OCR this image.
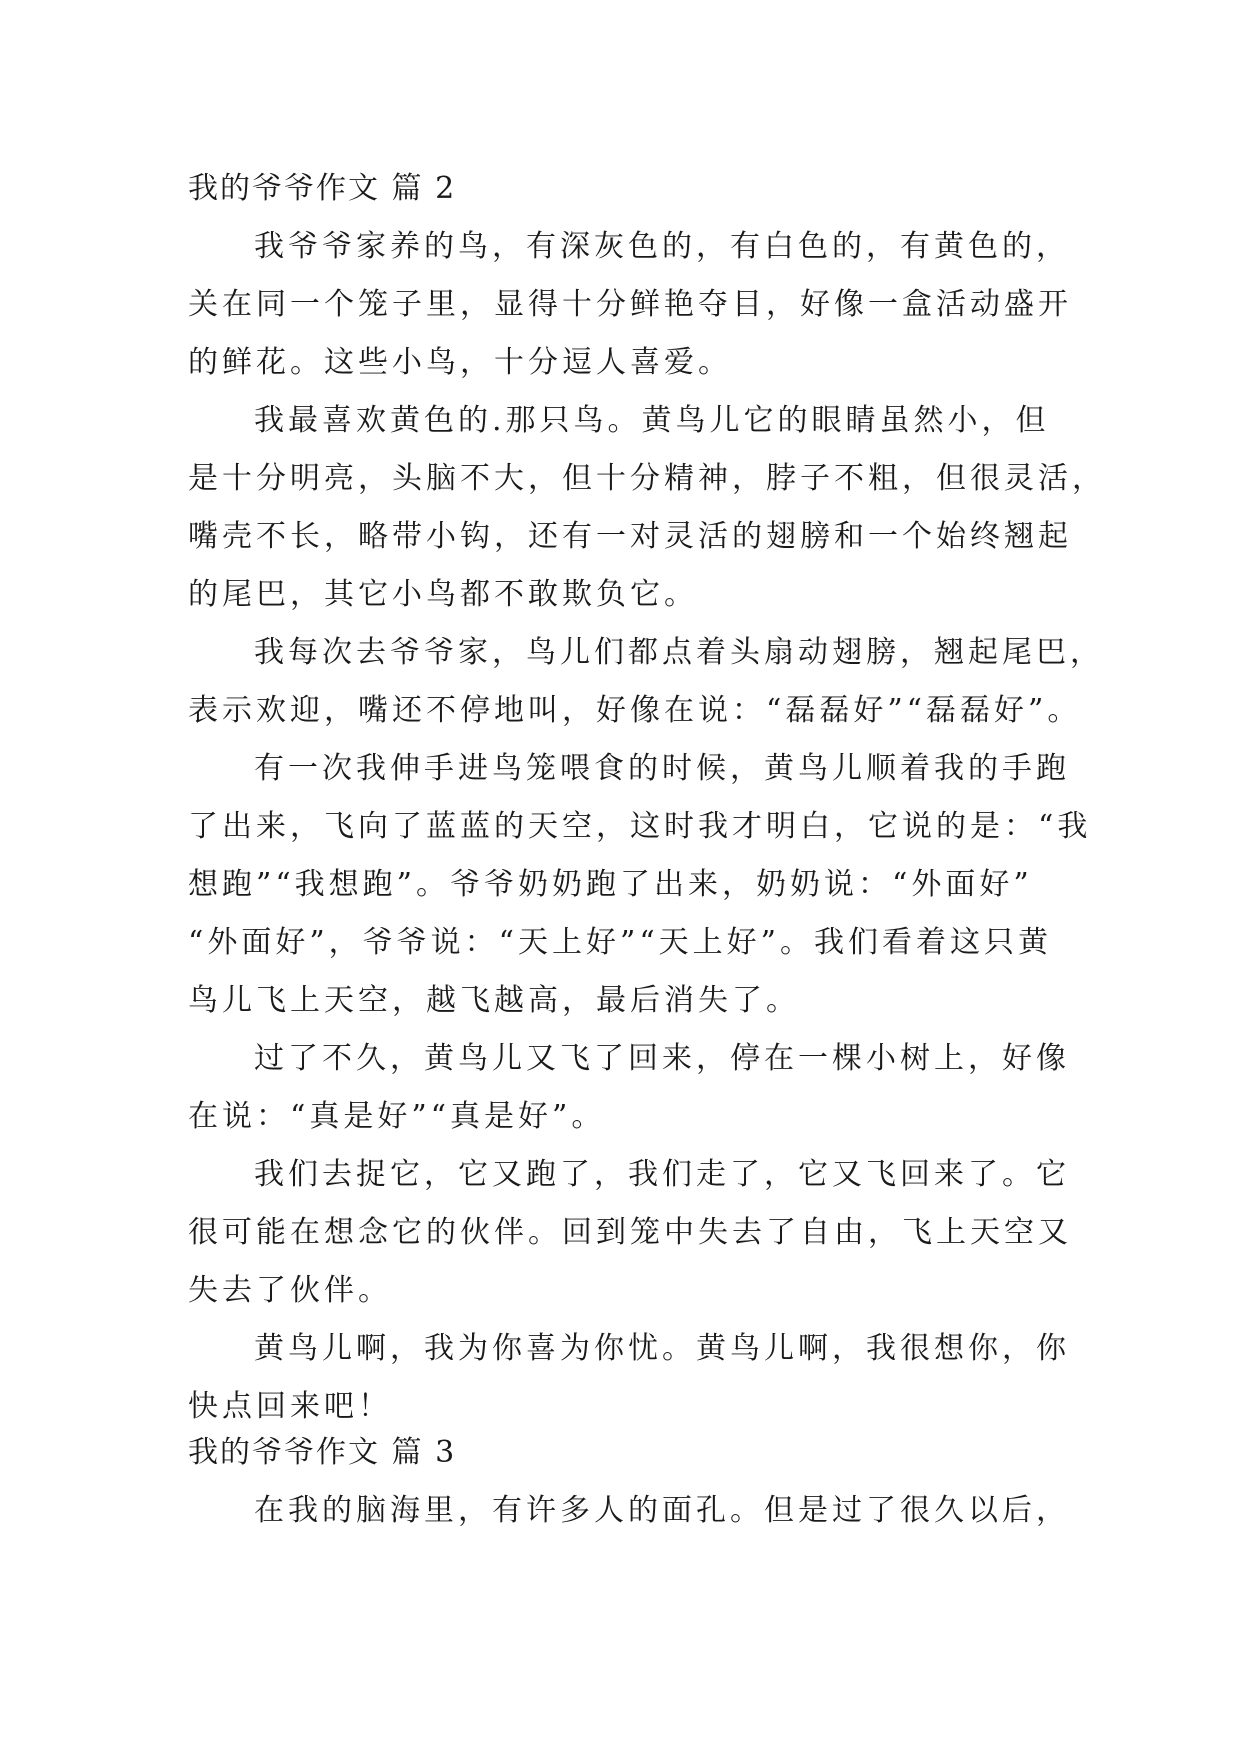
我的爷爷作文 篇 2
我爷爷家养的鸟，有深灰色的，有白色的，有黄色的，
关在同一个笼子里，显得十分鲜艳夺目，好像一盒活动盛开
的鲜花。这些小鸟，十分逗人喜爱。
我最喜欢黄色的.那只鸟。黄鸟儿它的眼睛虽然小，但
是十分明亮，头脑不大，但十分精神，脖子不粗，但很灵活，
嘴壳不长，略带小钩，还有一对灵活的翅膀和一个始终翘起
的尾巴，其它小鸟都不敢欺负它。
我每次去爷爷家，鸟儿们都点着头扇动翅膀，翘起尾巴，
表示欢迎，嘴还不停地叫，好像在说：“磊磊好”“磊磊好”。
有一次我伸手进鸟笼喂食的时候，黄鸟儿顺着我的手跑
了出来，飞向了蓝蓝的天空，这时我才明白，它说的是：“我
想跑”“我想跑”。爷爷奶奶跑了出来，奶奶说：“外面好”
“外面好”，爷爷说：“天上好”“天上好”。我们看着这只黄
鸟儿飞上天空，越飞越高，最后消失了。
过了不久，黄鸟儿又飞了回来，停在一棵小树上，好像
在说：“真是好”“真是好”。
我们去捉它，它又跑了，我们走了，它又飞回来了。它
很可能在想念它的伙伴。回到笼中失去了自由，飞上天空又
失去了伙伴。
黄鸟儿啊，我为你喜为你忧。黄鸟儿啊，我很想你，你
快点回来吧！
我的爷爷作文 篇 3
在我的脑海里，有许多人的面孔。但是过了很久以后，
